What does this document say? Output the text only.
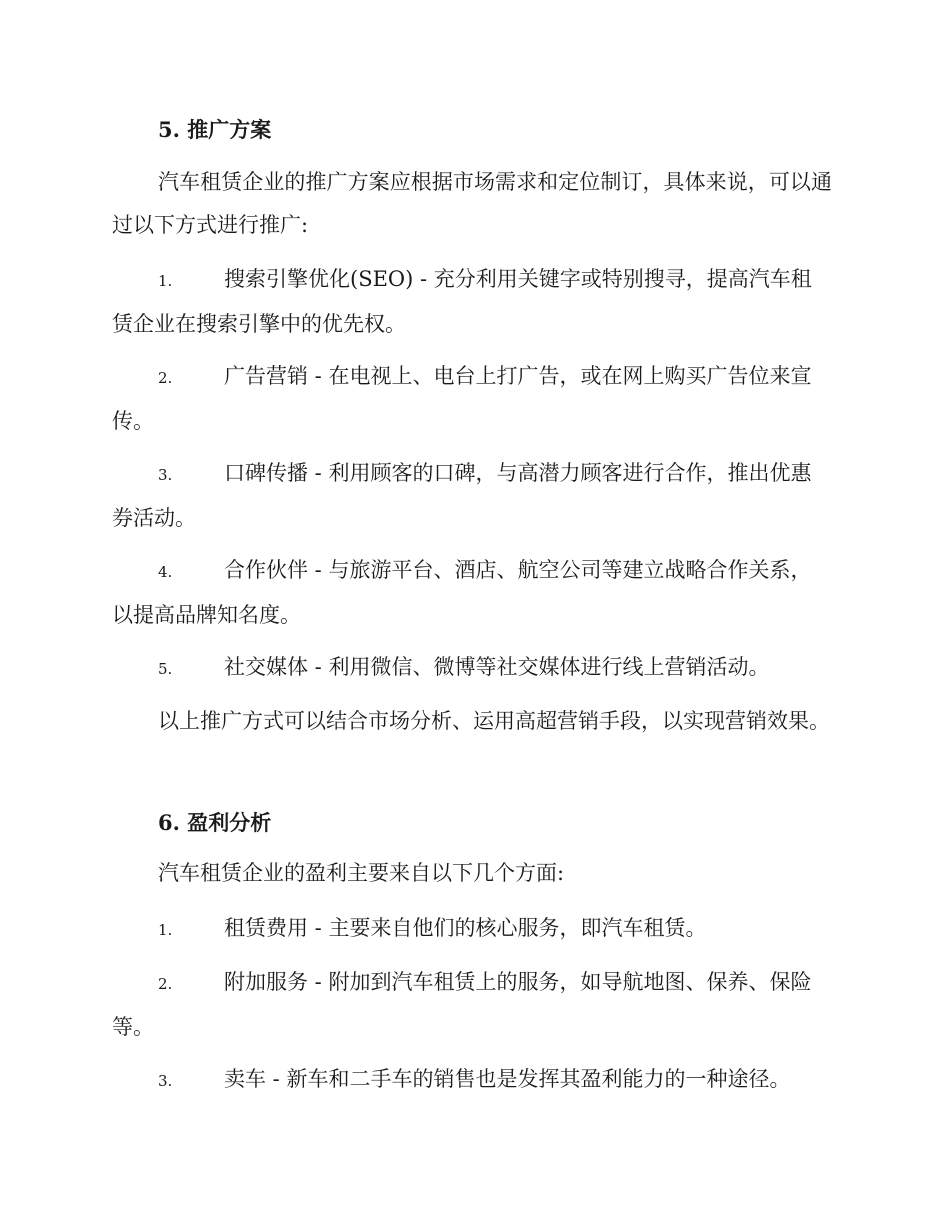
5. 推广方案
汽车租赁企业的推广方案应根据市场需求和定位制订，具体来说，可以通过以下方式进行推广:
1. 搜索引擎优化(SEO) - 充分利用关键字或特别搜寻，提高汽车租
赁企业在搜索引擎中的优先权。
2. 广告营销 - 在电视上、电台上打广告，或在网上购买广告位来宣
传。
3. 口碑传播 - 利用顾客的口碑，与高潜力顾客进行合作，推出优惠
券活动。
4. 合作伙伴 - 与旅游平台、酒店、航空公司等建立战略合作关系，
以提高品牌知名度。
5. 社交媒体 - 利用微信、微博等社交媒体进行线上营销活动。
以上推广方式可以结合市场分析、运用高超营销手段，以实现营销效果。
6. 盈利分析
汽车租赁企业的盈利主要来自以下几个方面:
1. 租赁费用 - 主要来自他们的核心服务，即汽车租赁。
2. 附加服务 - 附加到汽车租赁上的服务，如导航地图、保养、保险
等。
3. 卖车 - 新车和二手车的销售也是发挥其盈利能力的一种途径。
